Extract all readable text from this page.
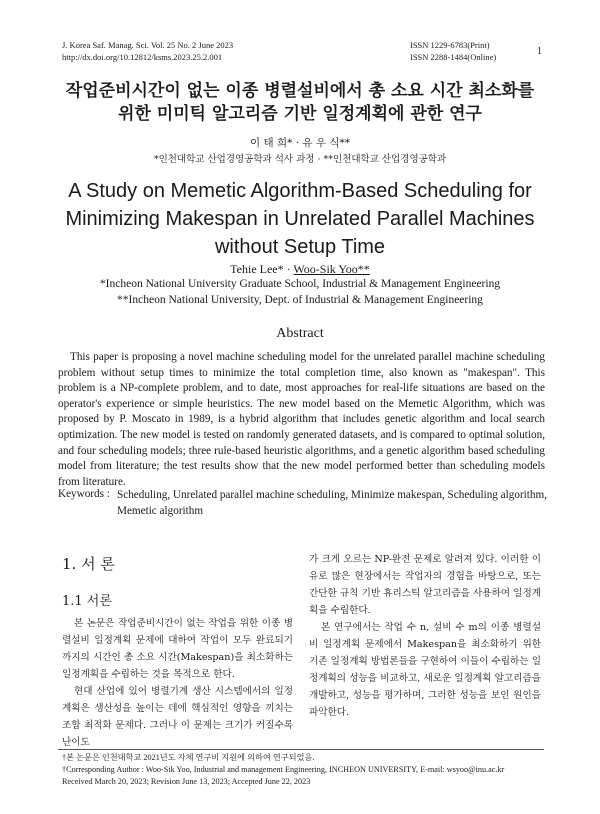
J. Korea Saf. Manag. Sci. Vol. 25 No. 2 June 2023
http://dx.doi.org/10.12812/ksms.2023.25.2.001
ISSN 1229-6783(Print)
ISSN 2288-1484(Online)	1
작업준비시간이 없는 이종 병렬설비에서 총 소요 시간 최소화를
위한 미미틱 알고리즘 기반 일정계획에 관한 연구
이 태 희* · 유 우 식**
*인천대학교 산업경영공학과 석사 과정 · **인천대학교 산업경영공학과
A Study on Memetic Algorithm-Based Scheduling for
Minimizing Makespan in Unrelated Parallel Machines
without Setup Time
Tehie Lee* · Woo-Sik Yoo**
*Incheon National University Graduate School, Industrial & Management Engineering
**Incheon National University, Dept. of Industrial & Management Engineering
Abstract
This paper is proposing a novel machine scheduling model for the unrelated parallel machine scheduling problem without setup times to minimize the total completion time, also known as "makespan". This problem is a NP-complete problem, and to date, most approaches for real-life situations are based on the operator's experience or simple heuristics. The new model based on the Memetic Algorithm, which was proposed by P. Moscato in 1989, is a hybrid algorithm that includes genetic algorithm and local search optimization. The new model is tested on randomly generated datasets, and is compared to optimal solution, and four scheduling models; three rule-based heuristic algorithms, and a genetic algorithm based scheduling model from literature; the test results show that the new model performed better than scheduling models from literature.
Keywords : Scheduling, Unrelated parallel machine scheduling, Minimize makespan, Scheduling algorithm, Memetic algorithm
1. 서 론
1.1 서론

본 논문은 작업준비시간이 없는 작업을 위한 이종 병렬설비 일정계획 문제에 대하여 작업이 모두 완료되기까지의 시간인 총 소요 시간(Makespan)을 최소화하는 일정계획을 수립하는 것을 목적으로 한다.

현대 산업에 있어 병렬기계 생산 시스템에서의 일정계획은 생산성을 높이는 데에 핵심적인 영향을 끼치는 조합 최적화 문제다. 그러나 이 문제는 크기가 커질수록 난이도

가 크게 오르는 NP-완전 문제로 알려져 있다. 이러한 이유로 많은 현장에서는 작업자의 경험을 바탕으로, 또는 간단한 규칙 기반 휴리스틱 알고리즘을 사용하여 일정계획을 수립한다.

본 연구에서는 작업 수 n, 설비 수 m의 이종 병렬설비 일정계획 문제에서 Makespan을 최소화하기 위한 기존 일정계획 방법론들을 구현하여 이들이 수립하는 일정계획의 성능을 비교하고, 새로운 일정계획 알고리즘을 개발하고, 성능을 평가하며, 그러한 성능을 보인 원인을 파악한다.

†본 논문은 인천대학교 2021년도 자체 연구비 지원에 의하여 연구되었음.
†Corresponding Author : Woo-Sik Yoo, Industrial and management Engineering, INCHEON UNIVERSITY, E-mail: wsyoo@inu.ac.kr
Received March 20, 2023; Revision June 13, 2023; Accepted June 22, 2023
